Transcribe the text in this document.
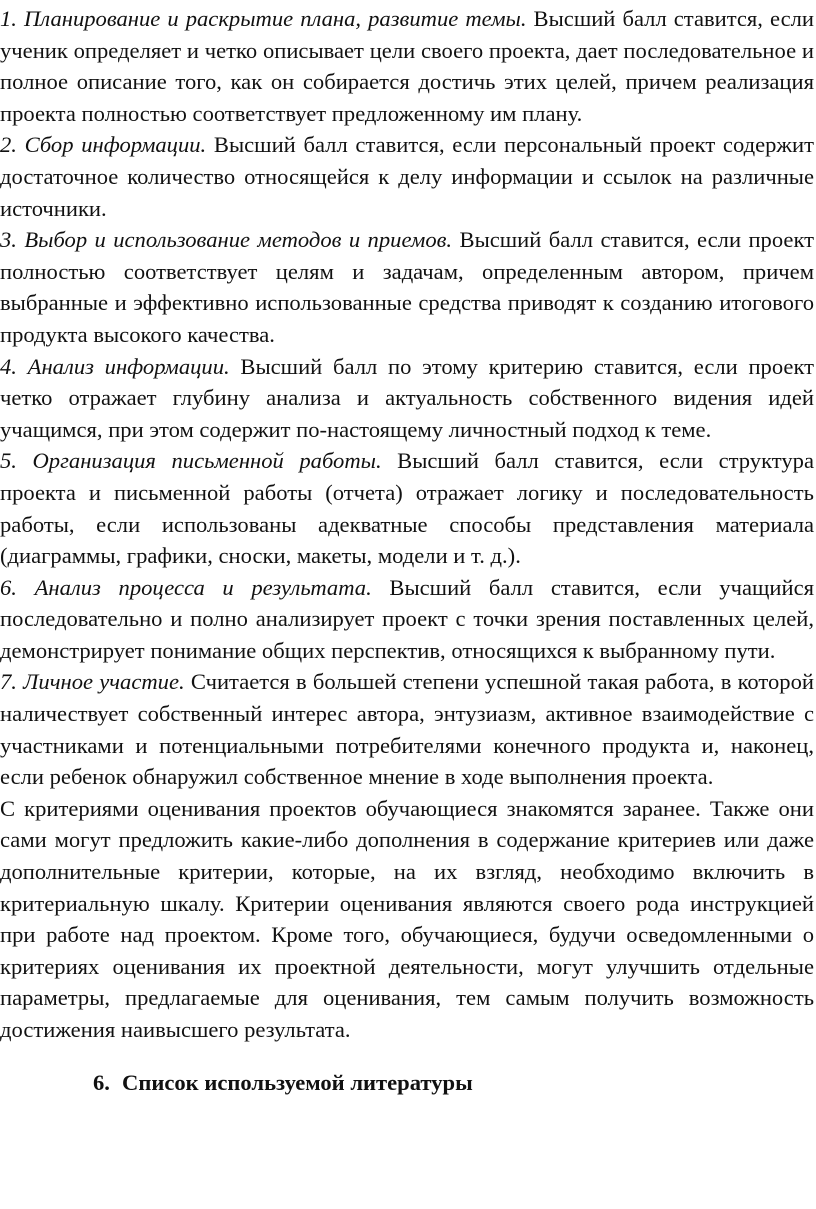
1. Планирование и раскрытие плана, развитие темы. Высший балл ставится, если ученик определяет и четко описывает цели своего проекта, дает последовательное и полное описание того, как он собирается достичь этих целей, причем реализация проекта полностью соответствует предложенному им плану.

2. Сбор информации. Высший балл ставится, если персональный проект содержит достаточное количество относящейся к делу информации и ссылок на различные источники.

3. Выбор и использование методов и приемов. Высший балл ставится, если проект полностью соответствует целям и задачам, определенным автором, причем выбранные и эффективно использованные средства приводят к созданию итогового продукта высокого качества.

4. Анализ информации. Высший балл по этому критерию ставится, если проект четко отражает глубину анализа и актуальность собственного видения идей учащимся, при этом содержит по-настоящему личностный подход к теме.

5. Организация письменной работы. Высший балл ставится, если структура проекта и письменной работы (отчета) отражает логику и последовательность работы, если использованы адекватные способы представления материала (диаграммы, графики, сноски, макеты, модели и т. д.).

6. Анализ процесса и результата. Высший балл ставится, если учащийся последовательно и полно анализирует проект с точки зрения поставленных целей, демонстрирует понимание общих перспектив, относящихся к выбранному пути.

7. Личное участие. Считается в большей степени успешной такая работа, в которой наличествует собственный интерес автора, энтузиазм, активное взаимодействие с участниками и потенциальными потребителями конечного продукта и, наконец, если ребенок обнаружил собственное мнение в ходе выполнения проекта.

С критериями оценивания проектов обучающиеся знакомятся заранее. Также они сами могут предложить какие-либо дополнения в содержание критериев или даже дополнительные критерии, которые, на их взгляд, необходимо включить в критериальную шкалу. Критерии оценивания являются своего рода инструкцией при работе над проектом. Кроме того, обучающиеся, будучи осведомленными о критериях оценивания их проектной деятельности, могут улучшить отдельные параметры, предлагаемые для оценивания, тем самым получить возможность достижения наивысшего результата.

6. Список используемой литературы
